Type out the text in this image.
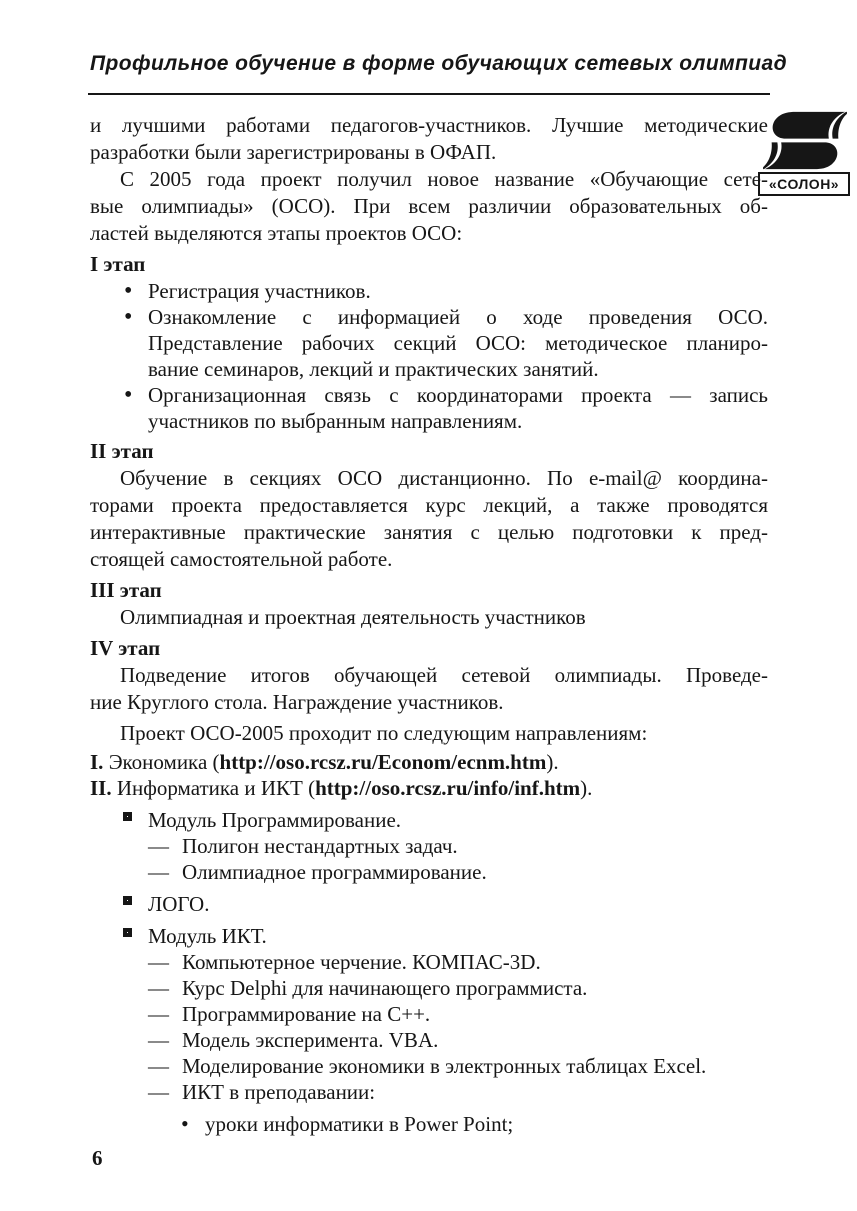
Профильное обучение в форме обучающих сетевых олимпиад
«СОЛОН»
и лучшими работами педагогов-участников. Лучшие методические
разработки были зарегистрированы в ОФАП.
С 2005 года проект получил новое название «Обучающие сете-
вые олимпиады» (ОСО). При всем различии образовательных об-
ластей выделяются этапы проектов ОСО:
I этап
• Регистрация участников.
• Ознакомление с информацией о ходе проведения ОСО.
Представление рабочих секций ОСО: методическое планиро-
вание семинаров, лекций и практических занятий.
• Организационная связь с координаторами проекта — запись
участников по выбранным направлениям.
II этап
Обучение в секциях ОСО дистанционно. По e-mail@ координа-
торами проекта предоставляется курс лекций, а также проводятся
интерактивные практические занятия с целью подготовки к пред-
стоящей самостоятельной работе.
III этап
Олимпиадная и проектная деятельность участников
IV этап
Подведение итогов обучающей сетевой олимпиады. Проведе-
ние Круглого стола. Награждение участников.
Проект ОСО-2005 проходит по следующим направлениям:
I. Экономика (http://oso.rcsz.ru/Econom/ecnm.htm).
II. Информатика и ИКТ (http://oso.rcsz.ru/info/inf.htm).
Модуль Программирование.
— Полигон нестандартных задач.
— Олимпиадное программирование.
ЛОГО.
Модуль ИКТ.
— Компьютерное черчение. КОМПАС-3D.
— Курс Delphi для начинающего программиста.
— Программирование на C++.
— Модель эксперимента. VBA.
— Моделирование экономики в электронных таблицах Excel.
— ИКТ в преподавании:
• уроки информатики в Power Point;
6
